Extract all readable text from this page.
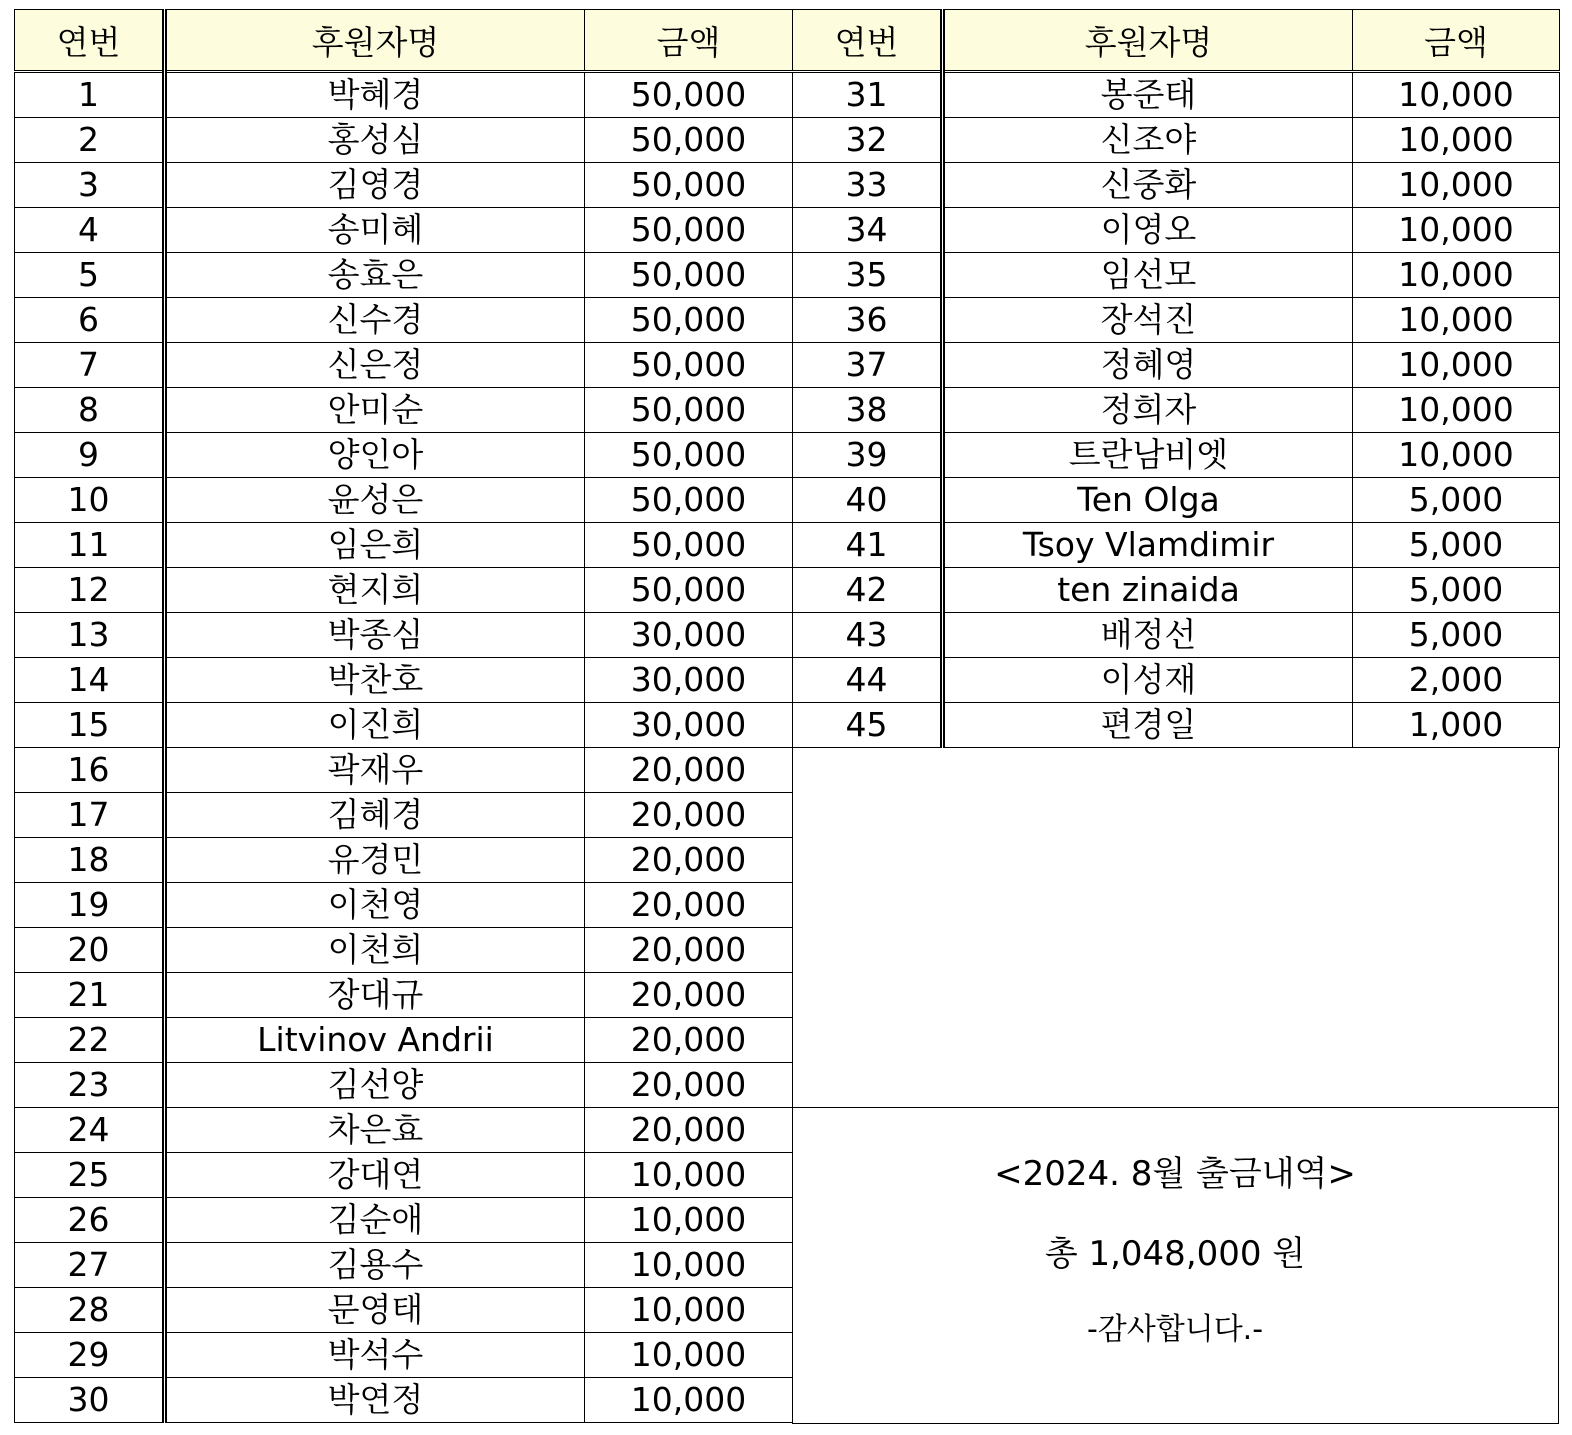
연번	후원자명	금액
1	박혜경	50,000
2	홍성심	50,000
3	김영경	50,000
4	송미혜	50,000
5	송효은	50,000
6	신수경	50,000
7	신은정	50,000
8	안미순	50,000
9	양인아	50,000
10	윤성은	50,000
11	임은희	50,000
12	현지희	50,000
13	박종심	30,000
14	박찬호	30,000
15	이진희	30,000
16	곽재우	20,000
17	김혜경	20,000
18	유경민	20,000
19	이천영	20,000
20	이천희	20,000
21	장대규	20,000
22	Litvinov Andrii	20,000
23	김선양	20,000
24	차은효	20,000
25	강대연	10,000
26	김순애	10,000
27	김용수	10,000
28	문영태	10,000
29	박석수	10,000
30	박연정	10,000
연번	후원자명	금액
31	봉준태	10,000
32	신조야	10,000
33	신중화	10,000
34	이영오	10,000
35	임선모	10,000
36	장석진	10,000
37	정혜영	10,000
38	정희자	10,000
39	트란남비엣	10,000
40	Ten Olga	5,000
41	Tsoy Vlamdimir	5,000
42	ten zinaida	5,000
43	배정선	5,000
44	이성재	2,000
45	편경일	1,000
<2024. 8월 출금내역>
총 1,048,000 원
-감사합니다.-
